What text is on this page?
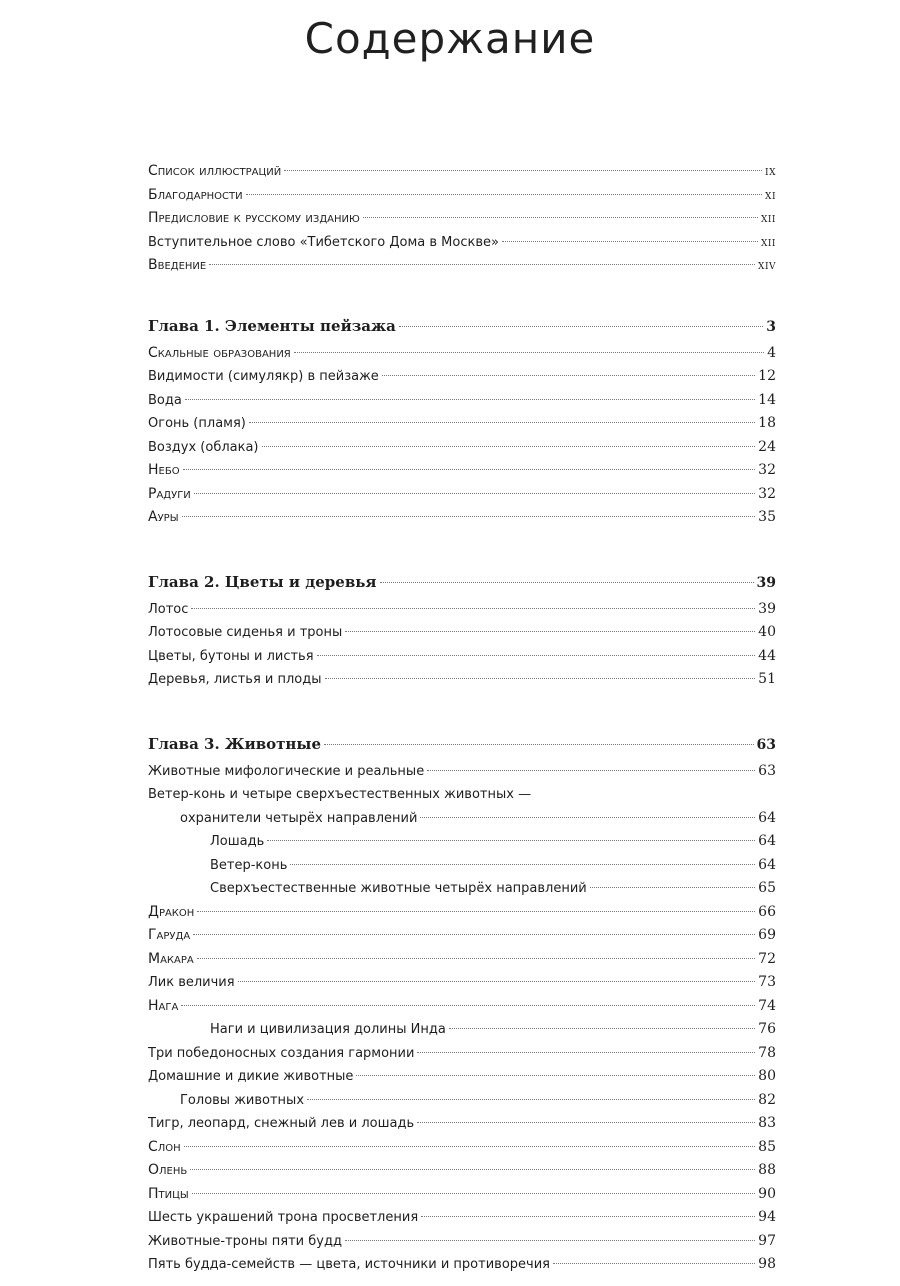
Содержание
Список иллюстраций	ix
Благодарности	xi
Предисловие к русскому изданию	xii
Вступительное слово «Тибетского Дома в Москве»	xii
Введение	xiv
Глава 1. Элементы пейзажа	3
Скальные образования	4
Видимости (симулякр) в пейзаже	12
Вода	14
Огонь (пламя)	18
Воздух (облака)	24
Небо	32
Радуги	32
Ауры	35
Глава 2. Цветы и деревья	39
Лотос	39
Лотосовые сиденья и троны	40
Цветы, бутоны и листья	44
Деревья, листья и плоды	51
Глава 3. Животные	63
Животные мифологические и реальные	63
Ветер-конь и четыре сверхъестественных животных —
охранители четырёх направлений	64
Лошадь	64
Ветер-конь	64
Сверхъестественные животные четырёх направлений	65
Дракон	66
Гаруда	69
Макара	72
Лик величия	73
Нага	74
Наги и цивилизация долины Инда	76
Три победоносных создания гармонии	78
Домашние и дикие животные	80
Головы животных	82
Тигр, леопард, снежный лев и лошадь	83
Слон	85
Олень	88
Птицы	90
Шесть украшений трона просветления	94
Животные-троны пяти будд	97
Пять будда-семейств — цвета, источники и противоречия	98
